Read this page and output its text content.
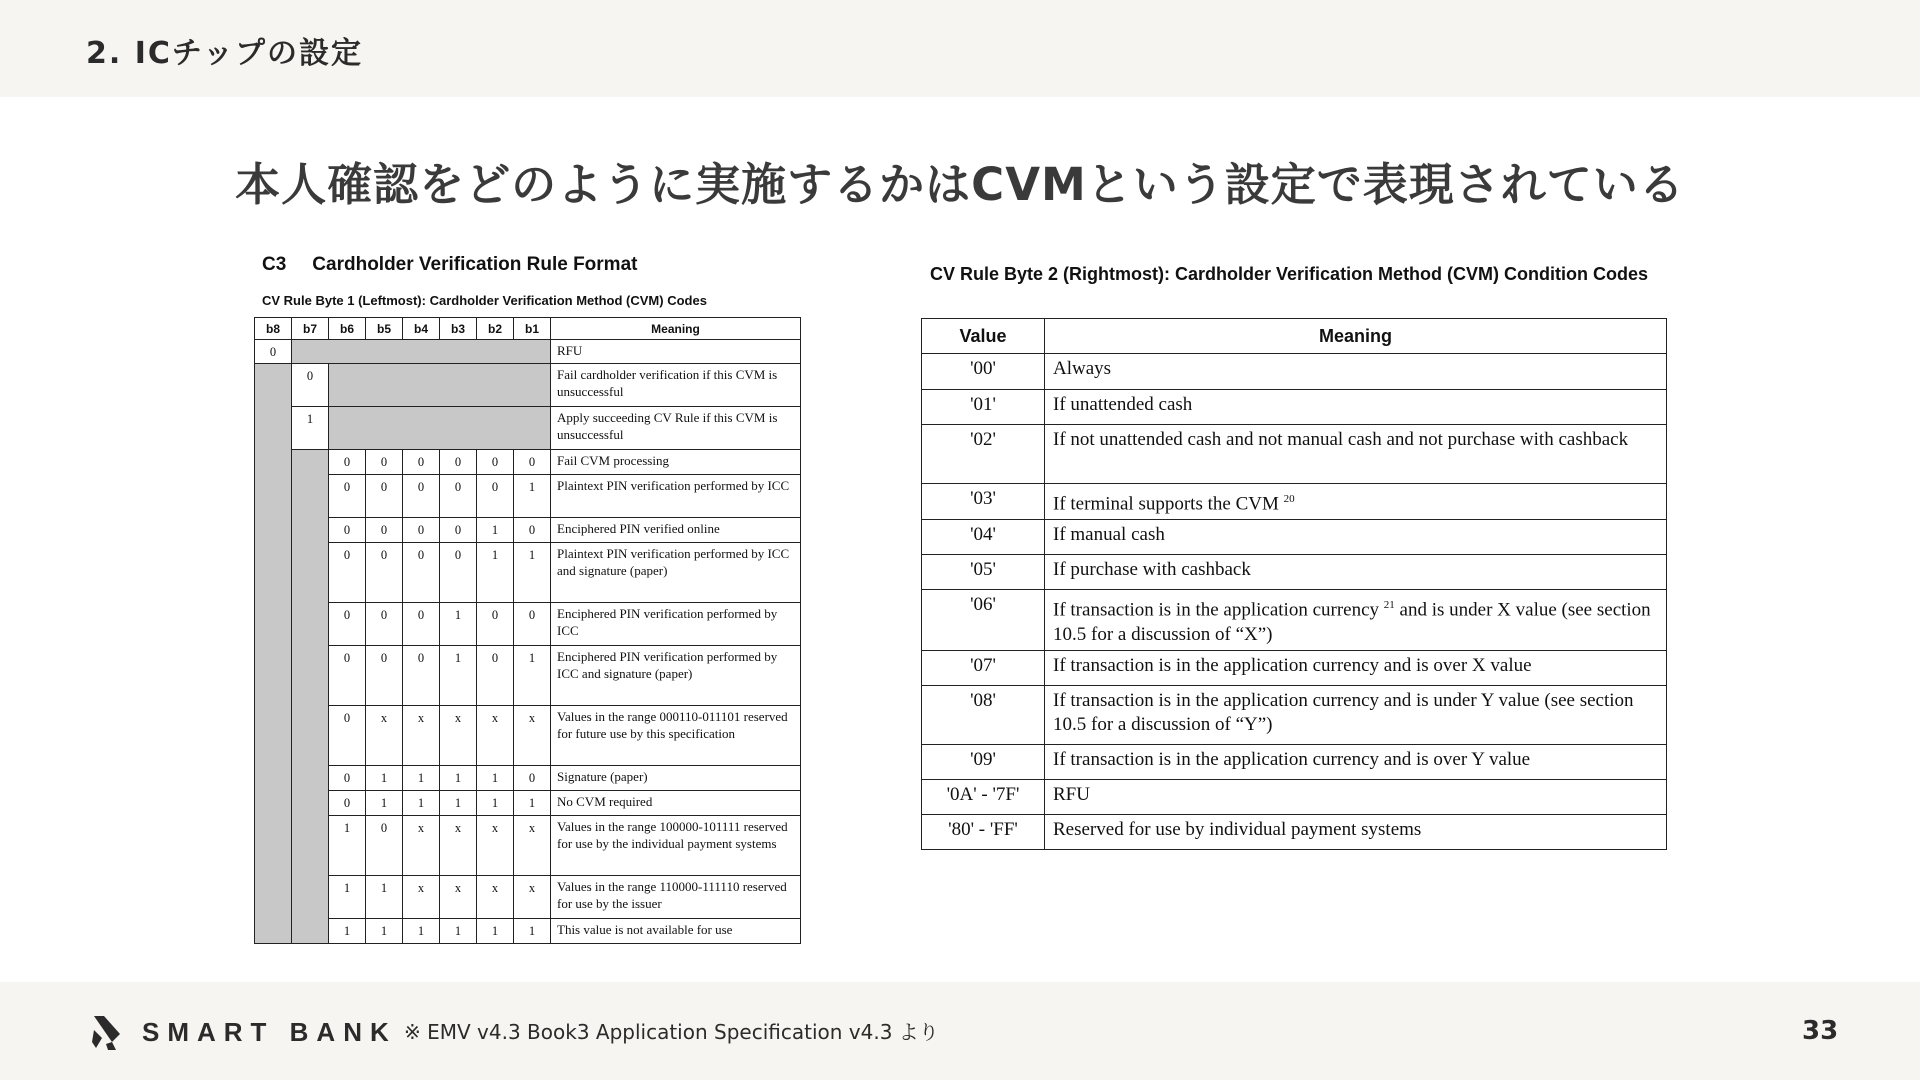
2. ICチップの設定
本人確認をどのように実施するかはCVMという設定で表現されている
C3 Cardholder Verification Rule Format
CV Rule Byte 1 (Leftmost): Cardholder Verification Method (CVM) Codes
b8	b7	b6	b5	b4	b3	b2	b1	Meaning
0								RFU
	0							Fail cardholder verification if this CVM is unsuccessful
	1							Apply succeeding CV Rule if this CVM is unsuccessful
		0	0	0	0	0	0	Fail CVM processing
		0	0	0	0	0	1	Plaintext PIN verification performed by ICC
		0	0	0	0	1	0	Enciphered PIN verified online
		0	0	0	0	1	1	Plaintext PIN verification performed by ICC and signature (paper)
		0	0	0	1	0	0	Enciphered PIN verification performed by ICC
		0	0	0	1	0	1	Enciphered PIN verification performed by ICC and signature (paper)
		0	x	x	x	x	x	Values in the range 000110-011101 reserved for future use by this specification
		0	1	1	1	1	0	Signature (paper)
		0	1	1	1	1	1	No CVM required
		1	0	x	x	x	x	Values in the range 100000-101111 reserved for use by the individual payment systems
		1	1	x	x	x	x	Values in the range 110000-111110 reserved for use by the issuer
		1	1	1	1	1	1	This value is not available for use
CV Rule Byte 2 (Rightmost): Cardholder Verification Method (CVM) Condition Codes
Value	Meaning
'00'	Always
'01'	If unattended cash
'02'	If not unattended cash and not manual cash and not purchase with cashback
'03'	If terminal supports the CVM $^{20}$
'04'	If manual cash
'05'	If purchase with cashback
'06'	If transaction is in the application currency $^{21}$ and is under X value (see section 10.5 for a discussion of “X”)
'07'	If transaction is in the application currency and is over X value
'08'	If transaction is in the application currency and is under Y value (see section 10.5 for a discussion of “Y”)
'09'	If transaction is in the application currency and is over Y value
'0A' - '7F'	RFU
'80' - 'FF'	Reserved for use by individual payment systems
SMART BANK ※ EMV v4.3 Book3 Application Specification v4.3 より	33
